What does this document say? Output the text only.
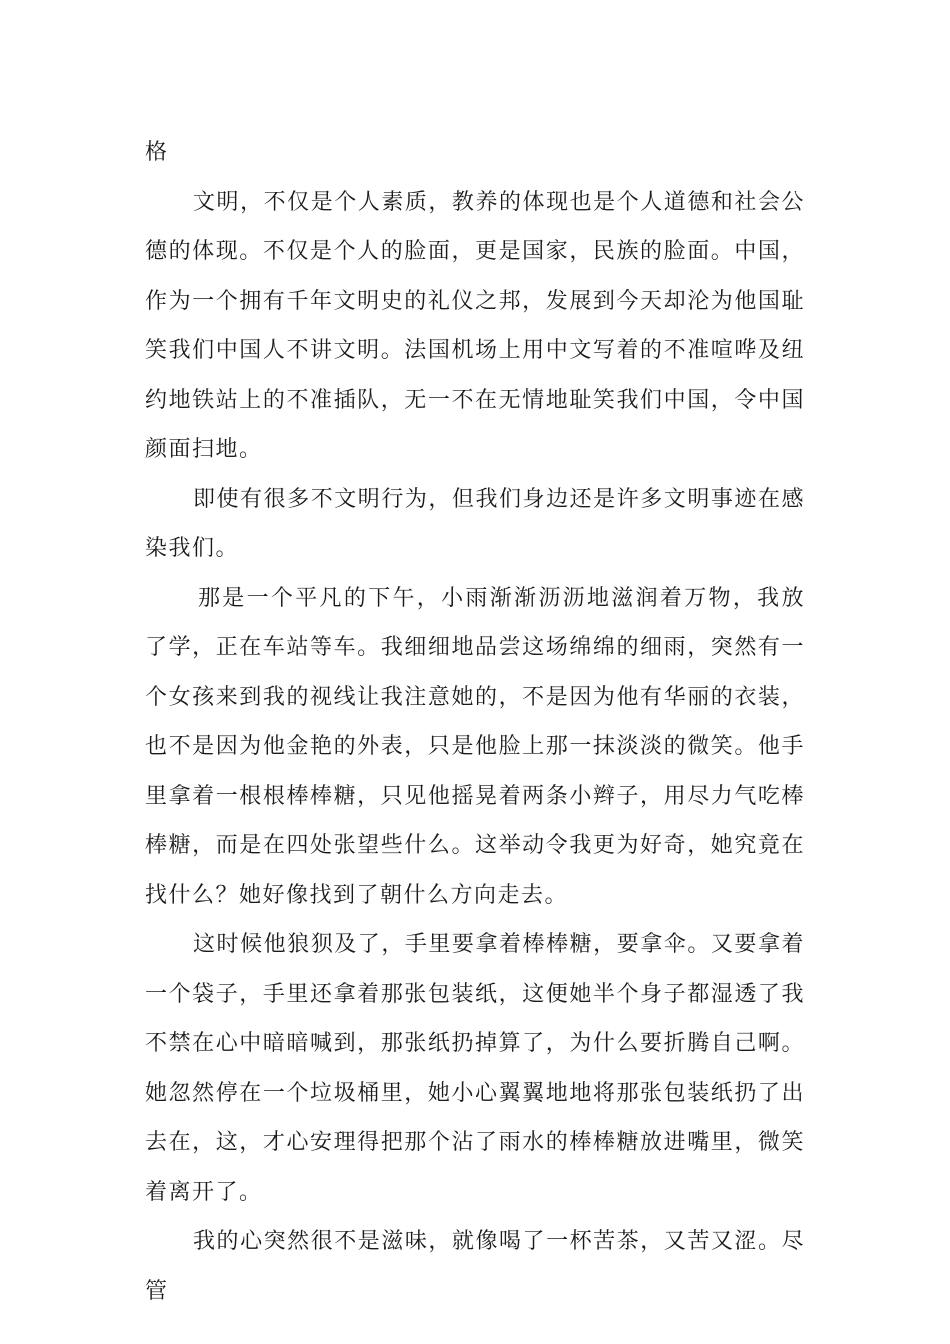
格

文明，不仅是个人素质，教养的体现也是个人道德和社会公德的体现。不仅是个人的脸面，更是国家，民族的脸面。中国，作为一个拥有千年文明史的礼仪之邦，发展到今天却沦为他国耻笑我们中国人不讲文明。法国机场上用中文写着的不准喧哗及纽约地铁站上的不准插队，无一不在无情地耻笑我们中国，令中国颜面扫地。

即使有很多不文明行为，但我们身边还是许多文明事迹在感染我们。

那是一个平凡的下午，小雨渐渐沥沥地滋润着万物，我放了学，正在车站等车。我细细地品尝这场绵绵的细雨，突然有一个女孩来到我的视线让我注意她的，不是因为他有华丽的衣装，也不是因为他金艳的外表，只是他脸上那一抹淡淡的微笑。他手里拿着一根根棒棒糖，只见他摇晃着两条小辫子，用尽力气吃棒棒糖，而是在四处张望些什么。这举动令我更为好奇，她究竟在找什么？她好像找到了朝什么方向走去。

这时候他狼狈及了，手里要拿着棒棒糖，要拿伞。又要拿着一个袋子，手里还拿着那张包装纸，这便她半个身子都湿透了我不禁在心中暗暗喊到，那张纸扔掉算了，为什么要折腾自己啊。她忽然停在一个垃圾桶里，她小心翼翼地地将那张包装纸扔了出去在，这，才心安理得把那个沾了雨水的棒棒糖放进嘴里，微笑着离开了。

我的心突然很不是滋味，就像喝了一杯苦茶，又苦又涩。尽管
